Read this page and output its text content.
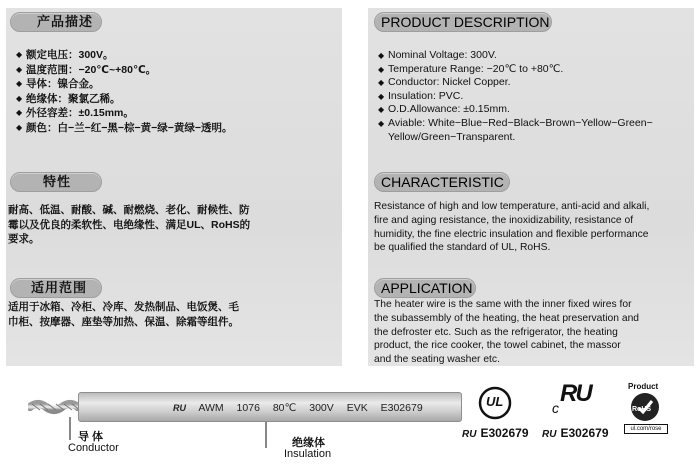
产品描述
◆ 额定电压：300V。
◆ 温度范围：−20℃~+80℃。
◆ 导体：镍合金。
◆ 绝缘体：聚氯乙稀。
◆ 外径容差：±0.15mm。
◆ 颜色：白−兰−红−黑−棕−黄−绿−黄绿−透明。
特性
耐高、低温、耐酸、碱、耐燃烧、老化、耐候性、防
霉以及优良的柔软性、电绝缘性、满足UL、RoHS的
要求。
适用范围
适用于冰箱、冷柜、冷库、发热制品、电饭煲、毛
巾柜、按摩器、座垫等加热、保温、除霜等组件。
PRODUCT DESCRIPTION
◆ Nominal Voltage: 300V.
◆ Temperature Range: −20℃ to +80℃.
◆ Conductor: Nickel Copper.
◆ Insulation: PVC.
◆ O.D.Allowance: ±0.15mm.
◆ Aviable: White−Blue−Red−Black−Brown−Yellow−Green−
Yellow/Green−Transparent.
CHARACTERISTIC
Resistance of high and low temperature, anti-acid and alkali,
fire and aging resistance, the inoxidizability, resistance of
humidity, the fine electric insulation and flexible performance
be qualified the standard of UL, RoHS.
APPLICATION
The heater wire is the same with the inner fixed wires for
the subassembly of the heating, the heat preservation and
the defroster etc. Such as the refrigerator, the heating
product, the rice cooker, the towel cabinet, the massor
and the seating washer etc.
RU AWM 1076 80℃ 300V EVK E302679
导 体
Conductor	绝缘体
Insulation
UL
RU E302679
c
RU
RU E302679
Product
RoHS
ul.com/rose
